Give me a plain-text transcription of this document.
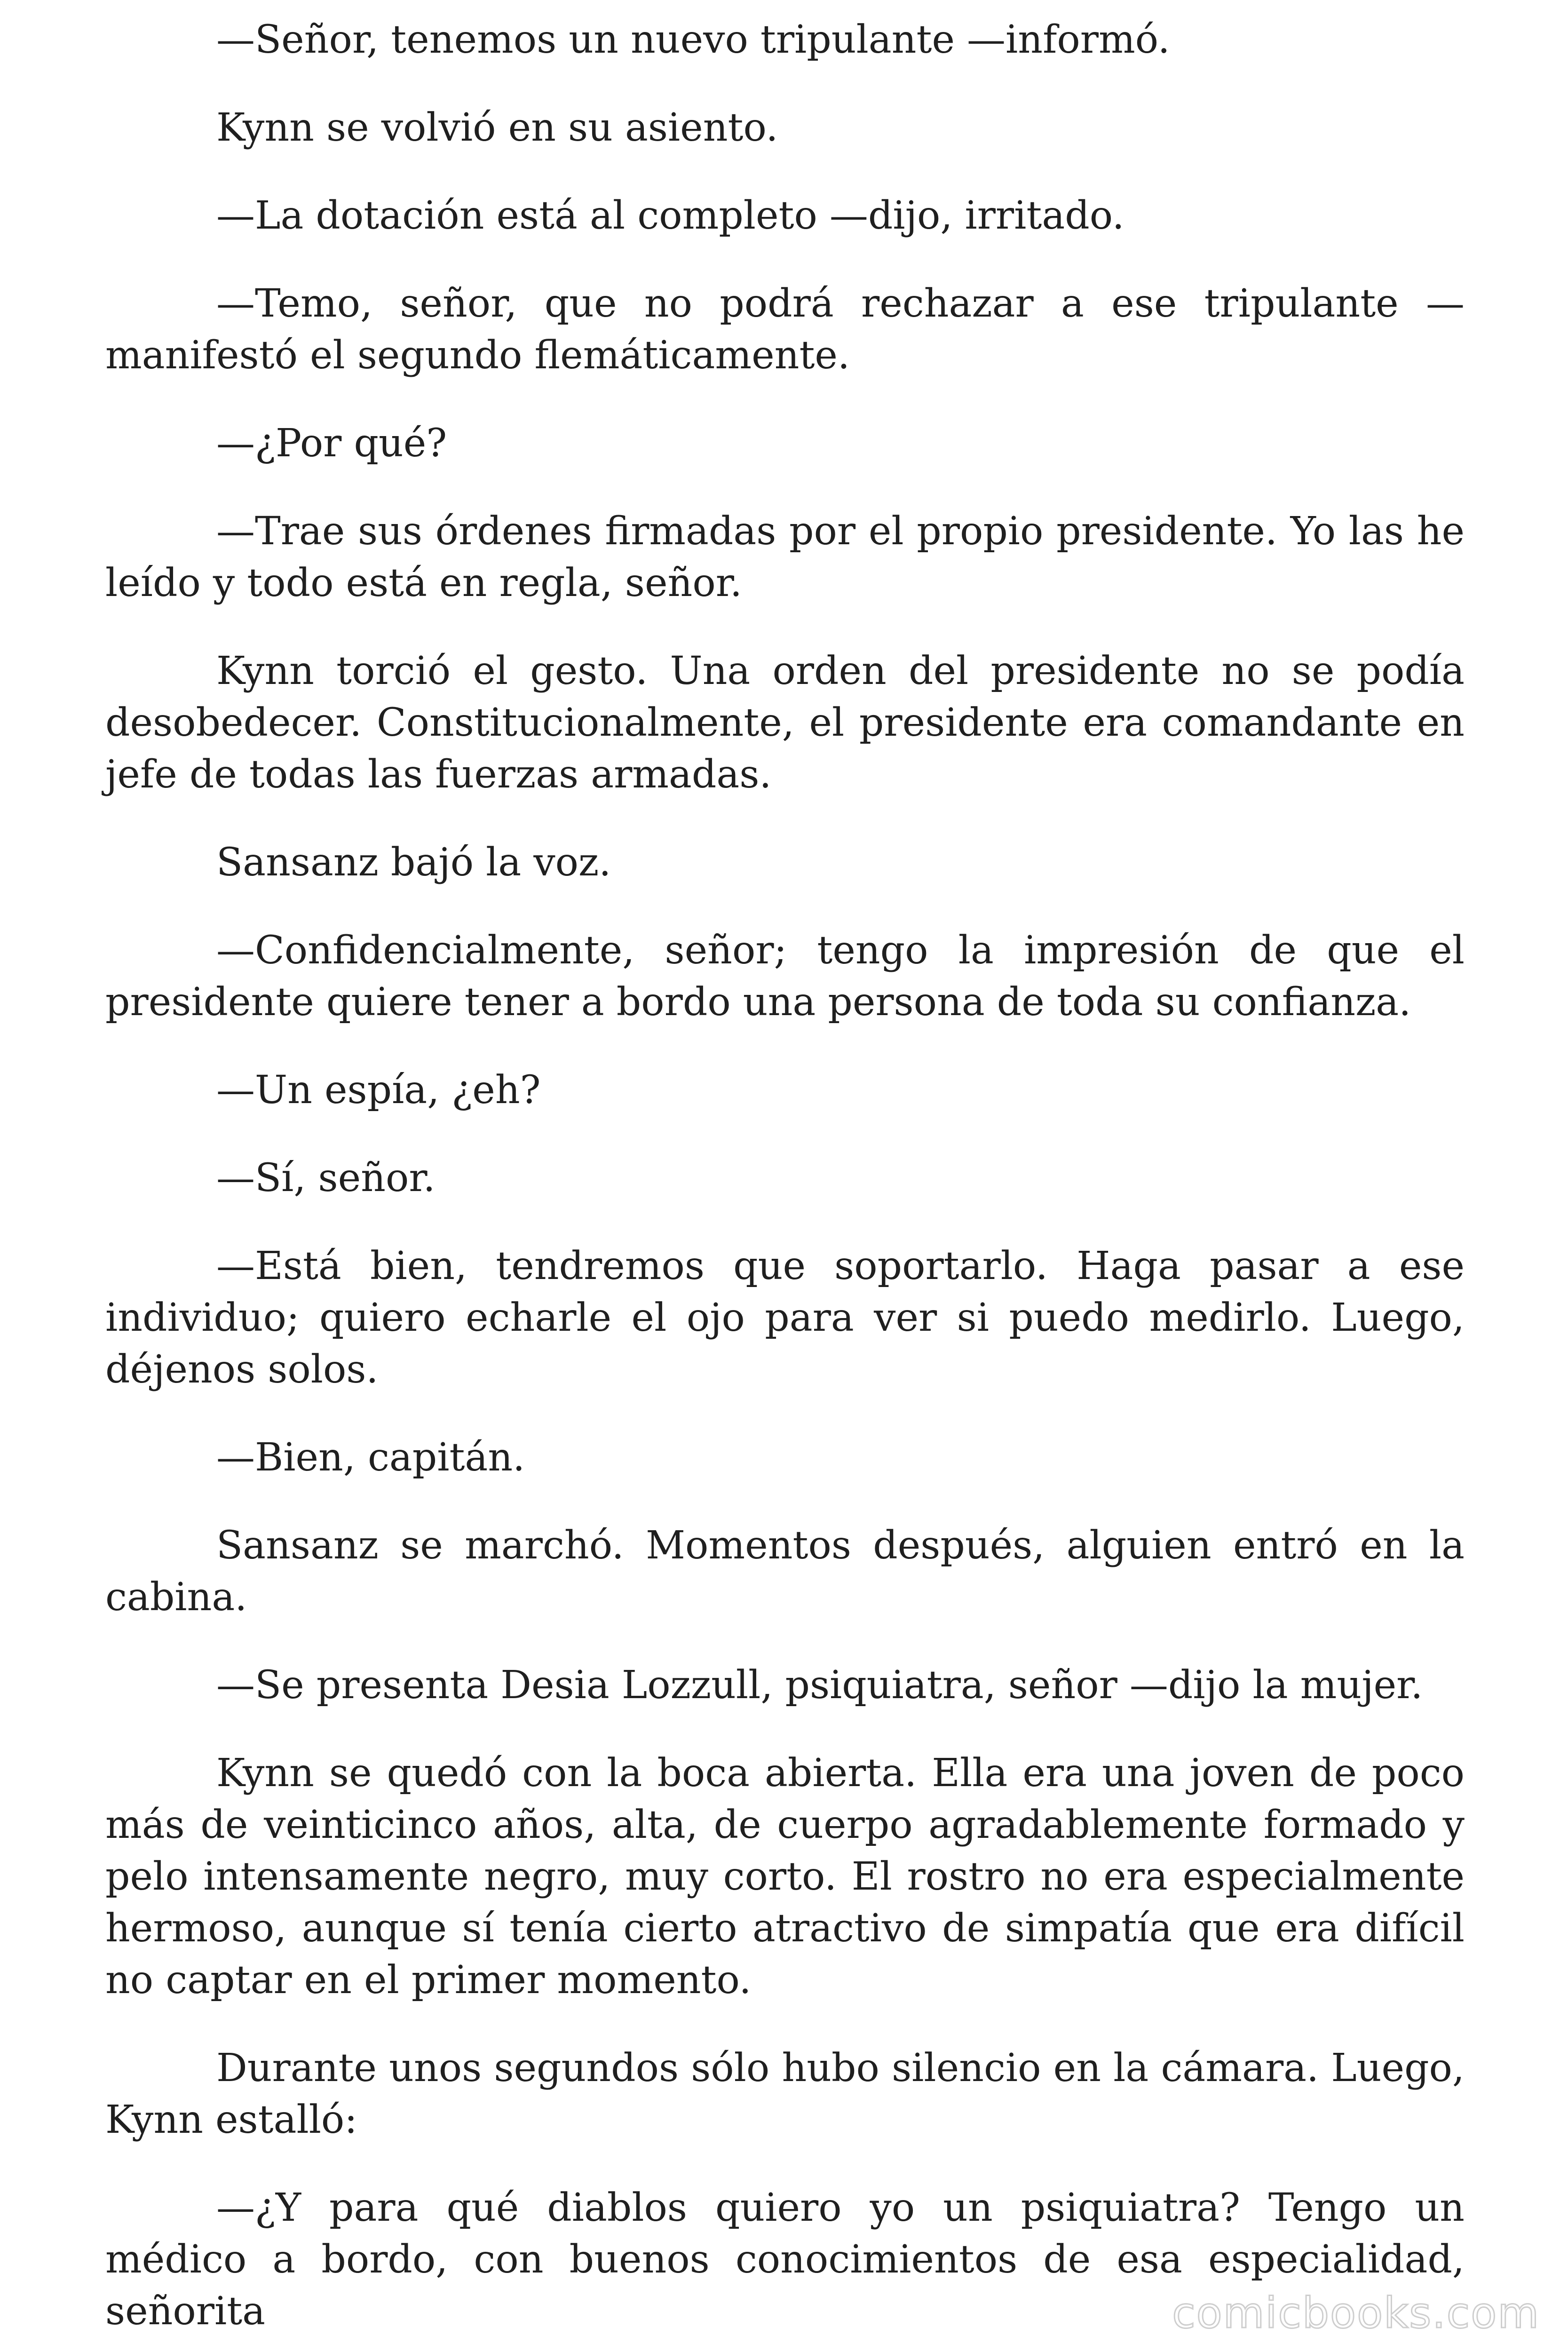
—Señor, tenemos un nuevo tripulante —informó.

Kynn se volvió en su asiento.

—La dotación está al completo —dijo, irritado.

—Temo, señor, que no podrá rechazar a ese tripulante —manifestó el segundo flemáticamente.

—¿Por qué?

—Trae sus órdenes firmadas por el propio presidente. Yo las he leído y todo está en regla, señor.

Kynn torció el gesto. Una orden del presidente no se podía desobedecer. Constitucionalmente, el presidente era comandante en jefe de todas las fuerzas armadas.

Sansanz bajó la voz.

—Confidencialmente, señor; tengo la impresión de que el presidente quiere tener a bordo una persona de toda su confianza.

—Un espía, ¿eh?

—Sí, señor.

—Está bien, tendremos que soportarlo. Haga pasar a ese individuo; quiero echarle el ojo para ver si puedo medirlo. Luego, déjenos solos.

—Bien, capitán.

Sansanz se marchó. Momentos después, alguien entró en la cabina.

—Se presenta Desia Lozzull, psiquiatra, señor —dijo la mujer.

Kynn se quedó con la boca abierta. Ella era una joven de poco más de veinticinco años, alta, de cuerpo agradablemente formado y pelo intensamente negro, muy corto. El rostro no era especialmente hermoso, aunque sí tenía cierto atractivo de simpatía que era difícil no captar en el primer momento.

Durante unos segundos sólo hubo silencio en la cámara. Luego, Kynn estalló:

—¿Y para qué diablos quiero yo un psiquiatra? Tengo un médico a bordo, con buenos conocimientos de esa especialidad, señorita	comicbooks.com
